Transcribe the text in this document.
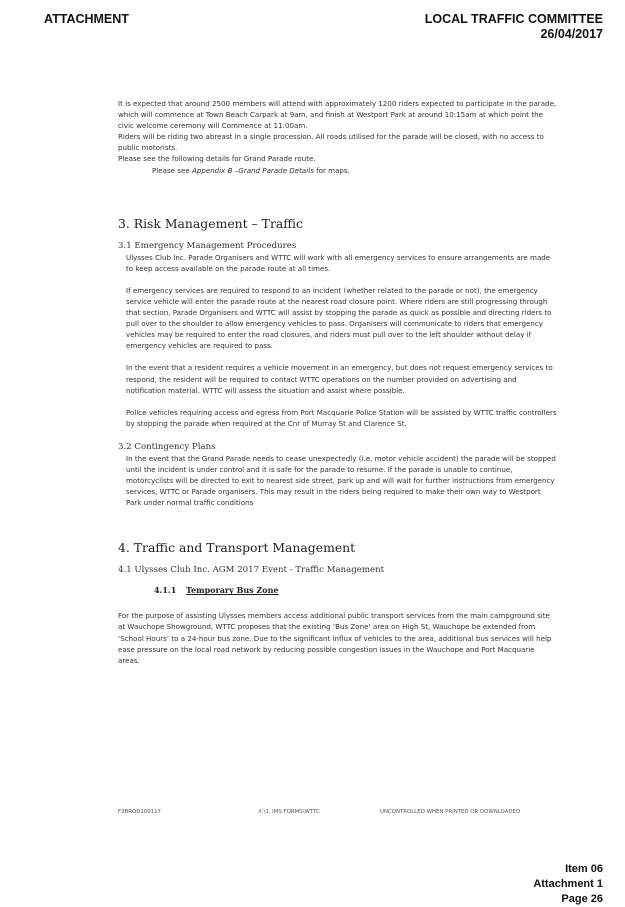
ATTACHMENT	LOCAL TRAFFIC COMMITTEE
26/04/2017

It is expected that around 2500 members will attend with approximately 1200 riders expected to participate in the parade, which will commence at Town Beach Carpark at 9am, and finish at Westport Park at around 10:15am at which point the civic welcome ceremony will Commence at 11:00am.

Riders will be riding two abreast in a single procession. All roads utilised for the parade will be closed, with no access to public motorists.

Please see the following details for Grand Parade route.

Please see Appendix B –Grand Parade Details for maps.

3. Risk Management – Traffic
3.1 Emergency Management Procedures

Ulysses Club Inc. Parade Organisers and WTTC will work with all emergency services to ensure arrangements are made to keep access available on the parade route at all times.

If emergency services are required to respond to an incident (whether related to the parade or not), the emergency service vehicle will enter the parade route at the nearest road closure point. Where riders are still progressing through that section, Parade Organisers and WTTC will assist by stopping the parade as quick as possible and directing riders to pull over to the shoulder to allow emergency vehicles to pass. Organisers will communicate to riders that emergency vehicles may be required to enter the road closures, and riders must pull over to the left shoulder without delay if emergency vehicles are required to pass.

In the event that a resident requires a vehicle movement in an emergency, but does not request emergency services to respond, the resident will be required to contact WTTC operations on the number provided on advertising and notification material. WTTC will assess the situation and assist where possible.

Police vehicles requiring access and egress from Port Macquarie Police Station will be assisted by WTTC traffic controllers by stopping the parade when required at the Cnr of Murray St and Clarence St.

3.2 Contingency Plans

In the event that the Grand Parade needs to cease unexpectedly (i.e. motor vehicle accident) the parade will be stopped until the incident is under control and it is safe for the parade to resume. If the parade is unable to continue, motorcyclists will be directed to exit to nearest side street, park up and will wait for further instructions from emergency services, WTTC or Parade organisers. This may result in the riders being required to make their own way to Westport Park under normal traffic conditions

4. Traffic and Transport Management
4.1 Ulysses Club Inc. AGM 2017 Event - Traffic Management
4.1.1 Temporary Bus Zone

For the purpose of assisting Ulysses members access additional public transport services from the main campground site at Wauchope Showground, WTTC proposes that the existing ‘Bus Zone’ area on High St, Wauchope be extended from ‘School Hours’ to a 24-hour bus zone. Due to the significant influx of vehicles to the area, additional bus services will help ease pressure on the local road network by reducing possible congestion issues in the Wauchope and Port Macquarie areas.

F3BROD100117	X:\1. IMS FORMS\WTTC	UNCONTROLLED WHEN PRINTED OR DOWNLOADED
Item 06
Attachment 1
Page 26
